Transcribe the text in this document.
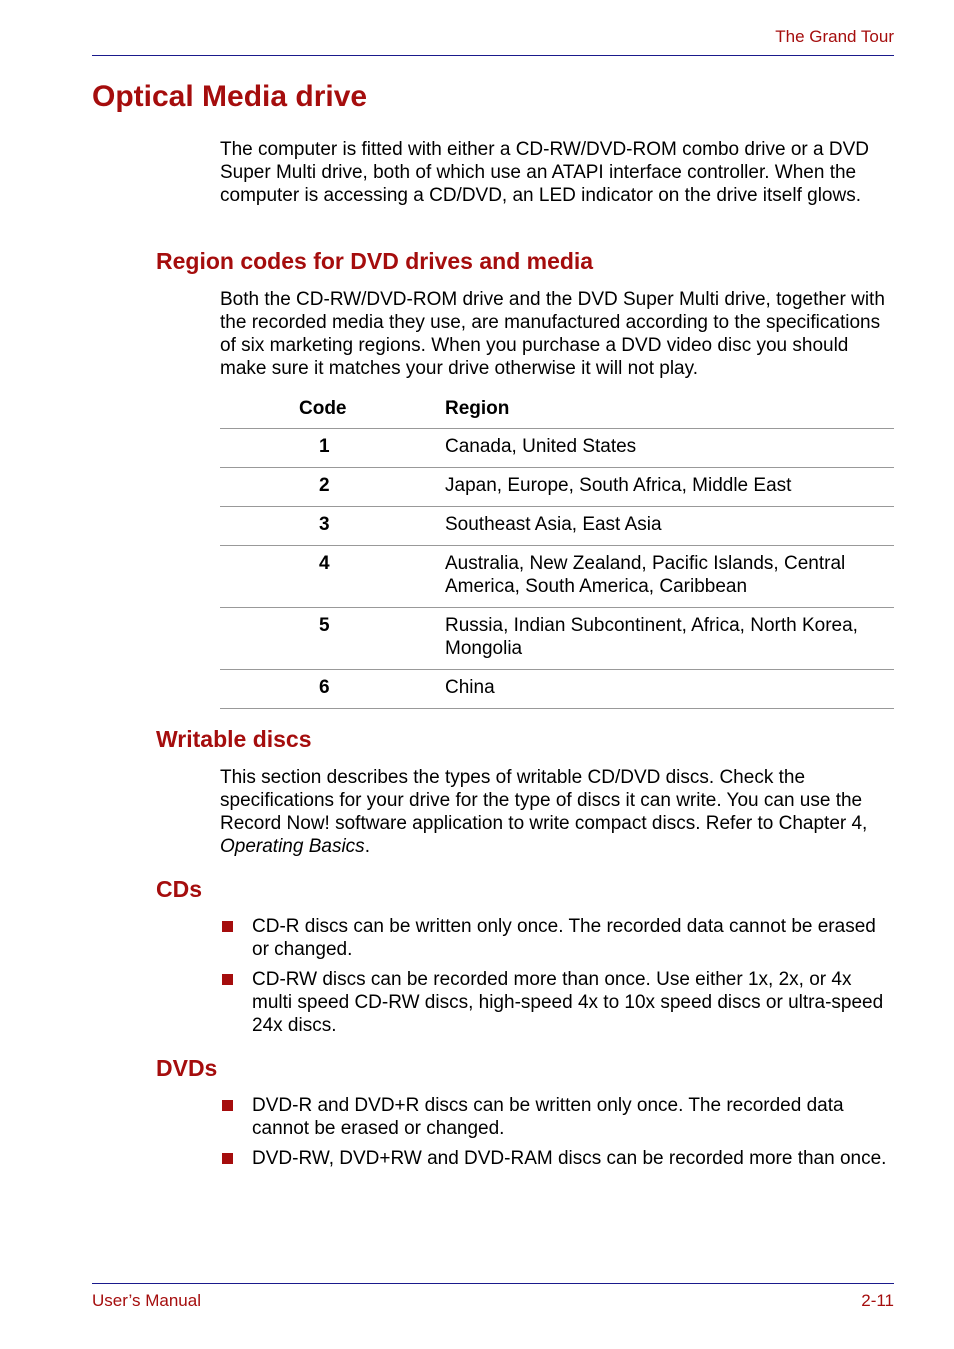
The Grand Tour
Optical Media drive

The computer is fitted with either a CD-RW/DVD-ROM combo drive or a DVD Super Multi drive, both of which use an ATAPI interface controller. When the computer is accessing a CD/DVD, an LED indicator on the drive itself glows.

Region codes for DVD drives and media

Both the CD-RW/DVD-ROM drive and the DVD Super Multi drive, together with the recorded media they use, are manufactured according to the specifications of six marketing regions. When you purchase a DVD video disc you should make sure it matches your drive otherwise it will not play.

Code	Region
1	Canada, United States
2	Japan, Europe, South Africa, Middle East
3	Southeast Asia, East Asia
4	Australia, New Zealand, Pacific Islands, Central America, South America, Caribbean
5	Russia, Indian Subcontinent, Africa, North Korea, Mongolia
6	China
Writable discs

This section describes the types of writable CD/DVD discs. Check the specifications for your drive for the type of discs it can write. You can use the Record Now! software application to write compact discs. Refer to Chapter 4, Operating Basics.

CDs
CD-R discs can be written only once. The recorded data cannot be erased or changed.
CD-RW discs can be recorded more than once. Use either 1x, 2x, or 4x multi speed CD-RW discs, high-speed 4x to 10x speed discs or ultra-speed 24x discs.
DVDs
DVD-R and DVD+R discs can be written only once. The recorded data cannot be erased or changed.
DVD-RW, DVD+RW and DVD-RAM discs can be recorded more than once.
User’s Manual	2-11
